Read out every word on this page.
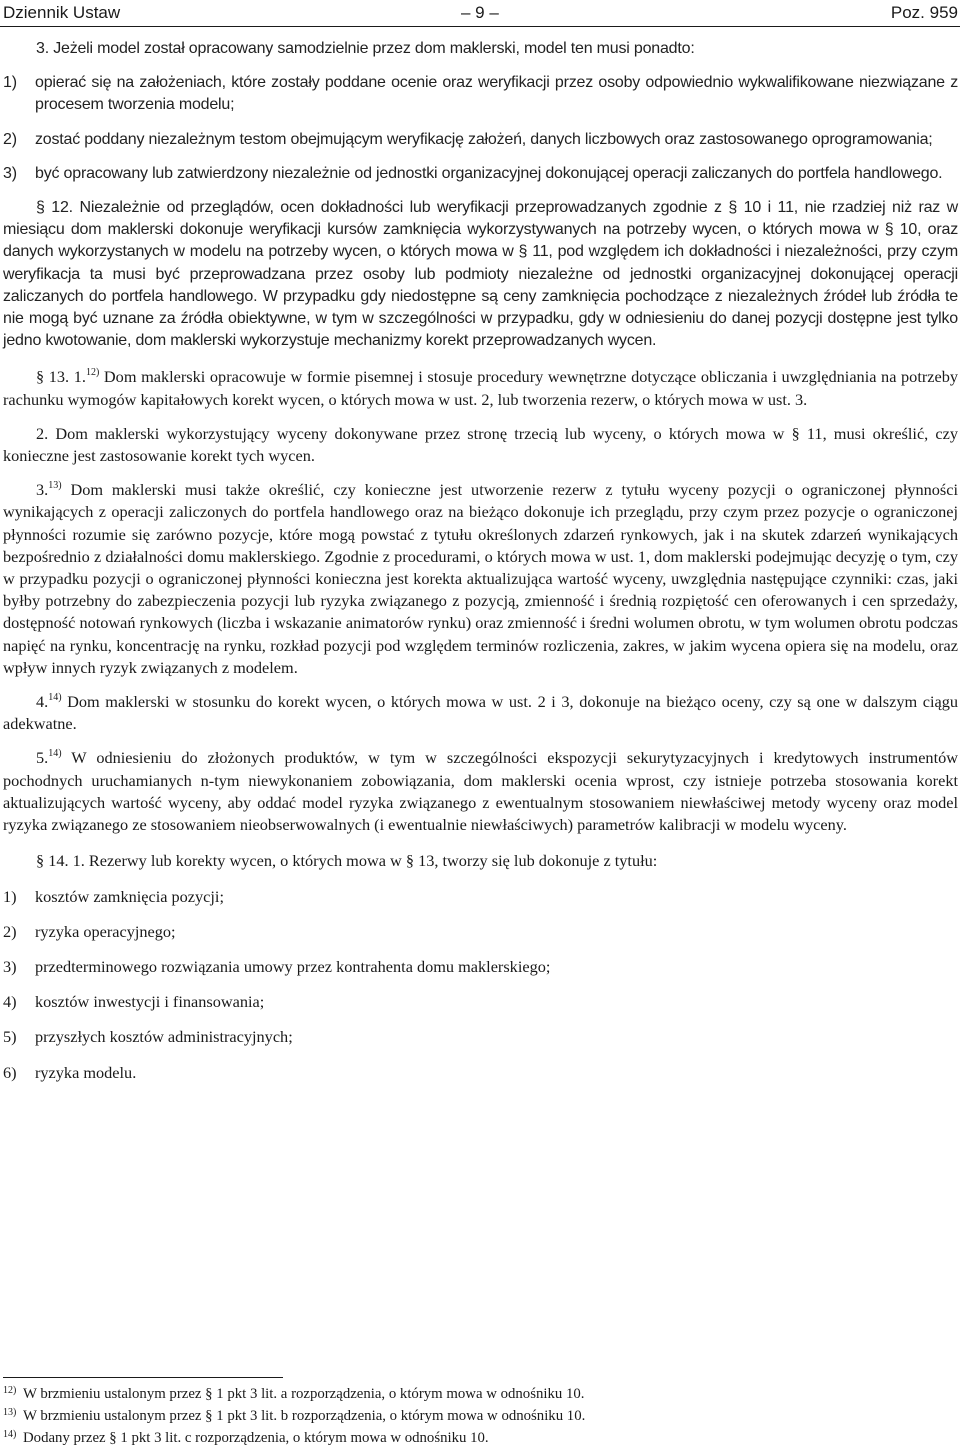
Dziennik Ustaw	– 9 –	Poz. 959

3. Jeżeli model został opracowany samodzielnie przez dom maklerski, model ten musi ponadto:

1) opierać się na założeniach, które zostały poddane ocenie oraz weryfikacji przez osoby odpowiednio wykwalifikowane niezwiązane z procesem tworzenia modelu;
2) zostać poddany niezależnym testom obejmującym weryfikację założeń, danych liczbowych oraz zastosowanego oprogramowania;
3) być opracowany lub zatwierdzony niezależnie od jednostki organizacyjnej dokonującej operacji zaliczanych do portfela handlowego.

§ 12. Niezależnie od przeglądów, ocen dokładności lub weryfikacji przeprowadzanych zgodnie z § 10 i 11, nie rzadziej niż raz w miesiącu dom maklerski dokonuje weryfikacji kursów zamknięcia wykorzystywanych na potrzeby wycen, o których mowa w § 10, oraz danych wykorzystanych w modelu na potrzeby wycen, o których mowa w § 11, pod względem ich dokładności i niezależności, przy czym weryfikacja ta musi być przeprowadzana przez osoby lub podmioty niezależne od jednostki organizacyjnej dokonującej operacji zaliczanych do portfela handlowego. W przypadku gdy niedostępne są ceny zamknięcia pochodzące z niezależnych źródeł lub źródła te nie mogą być uznane za źródła obiektywne, w tym w szczególności w przypadku, gdy w odniesieniu do danej pozycji dostępne jest tylko jedno kwotowanie, dom maklerski wykorzystuje mechanizmy korekt przeprowadzanych wycen.

§ 13. 1.$^{12)}$ Dom maklerski opracowuje w formie pisemnej i stosuje procedury wewnętrzne dotyczące obliczania i uwzględniania na potrzeby rachunku wymogów kapitałowych korekt wycen, o których mowa w ust. 2, lub tworzenia rezerw, o których mowa w ust. 3.

2. Dom maklerski wykorzystujący wyceny dokonywane przez stronę trzecią lub wyceny, o których mowa w § 11, musi określić, czy konieczne jest zastosowanie korekt tych wycen.

3.$^{13)}$ Dom maklerski musi także określić, czy konieczne jest utworzenie rezerw z tytułu wyceny pozycji o ograniczonej płynności wynikających z operacji zaliczonych do portfela handlowego oraz na bieżąco dokonuje ich przeglądu, przy czym przez pozycje o ograniczonej płynności rozumie się zarówno pozycje, które mogą powstać z tytułu określonych zdarzeń rynkowych, jak i na skutek zdarzeń wynikających bezpośrednio z działalności domu maklerskiego. Zgodnie z procedurami, o których mowa w ust. 1, dom maklerski podejmując decyzję o tym, czy w przypadku pozycji o ograniczonej płynności konieczna jest korekta aktualizująca wartość wyceny, uwzględnia następujące czynniki: czas, jaki byłby potrzebny do zabezpieczenia pozycji lub ryzyka związanego z pozycją, zmienność i średnią rozpiętość cen oferowanych i cen sprzedaży, dostępność notowań rynkowych (liczba i wskazanie animatorów rynku) oraz zmienność i średni wolumen obrotu, w tym wolumen obrotu podczas napięć na rynku, koncentrację na rynku, rozkład pozycji pod względem terminów rozliczenia, zakres, w jakim wycena opiera się na modelu, oraz wpływ innych ryzyk związanych z modelem.

4.$^{14)}$ Dom maklerski w stosunku do korekt wycen, o których mowa w ust. 2 i 3, dokonuje na bieżąco oceny, czy są one w dalszym ciągu adekwatne.

5.$^{14)}$ W odniesieniu do złożonych produktów, w tym w szczególności ekspozycji sekurytyzacyjnych i kredytowych instrumentów pochodnych uruchamianych n-tym niewykonaniem zobowiązania, dom maklerski ocenia wprost, czy istnieje potrzeba stosowania korekt aktualizujących wartość wyceny, aby oddać model ryzyka związanego z ewentualnym stosowaniem niewłaściwej metody wyceny oraz model ryzyka związanego ze stosowaniem nieobserwowalnych (i ewentualnie niewłaściwych) parametrów kalibracji w modelu wyceny.

§ 14. 1. Rezerwy lub korekty wycen, o których mowa w § 13, tworzy się lub dokonuje z tytułu:

1) kosztów zamknięcia pozycji;
2) ryzyka operacyjnego;
3) przedterminowego rozwiązania umowy przez kontrahenta domu maklerskiego;
4) kosztów inwestycji i finansowania;
5) przyszłych kosztów administracyjnych;
6) ryzyka modelu.
12) W brzmieniu ustalonym przez § 1 pkt 3 lit. a rozporządzenia, o którym mowa w odnośniku 10.
13) W brzmieniu ustalonym przez § 1 pkt 3 lit. b rozporządzenia, o którym mowa w odnośniku 10.
14) Dodany przez § 1 pkt 3 lit. c rozporządzenia, o którym mowa w odnośniku 10.
